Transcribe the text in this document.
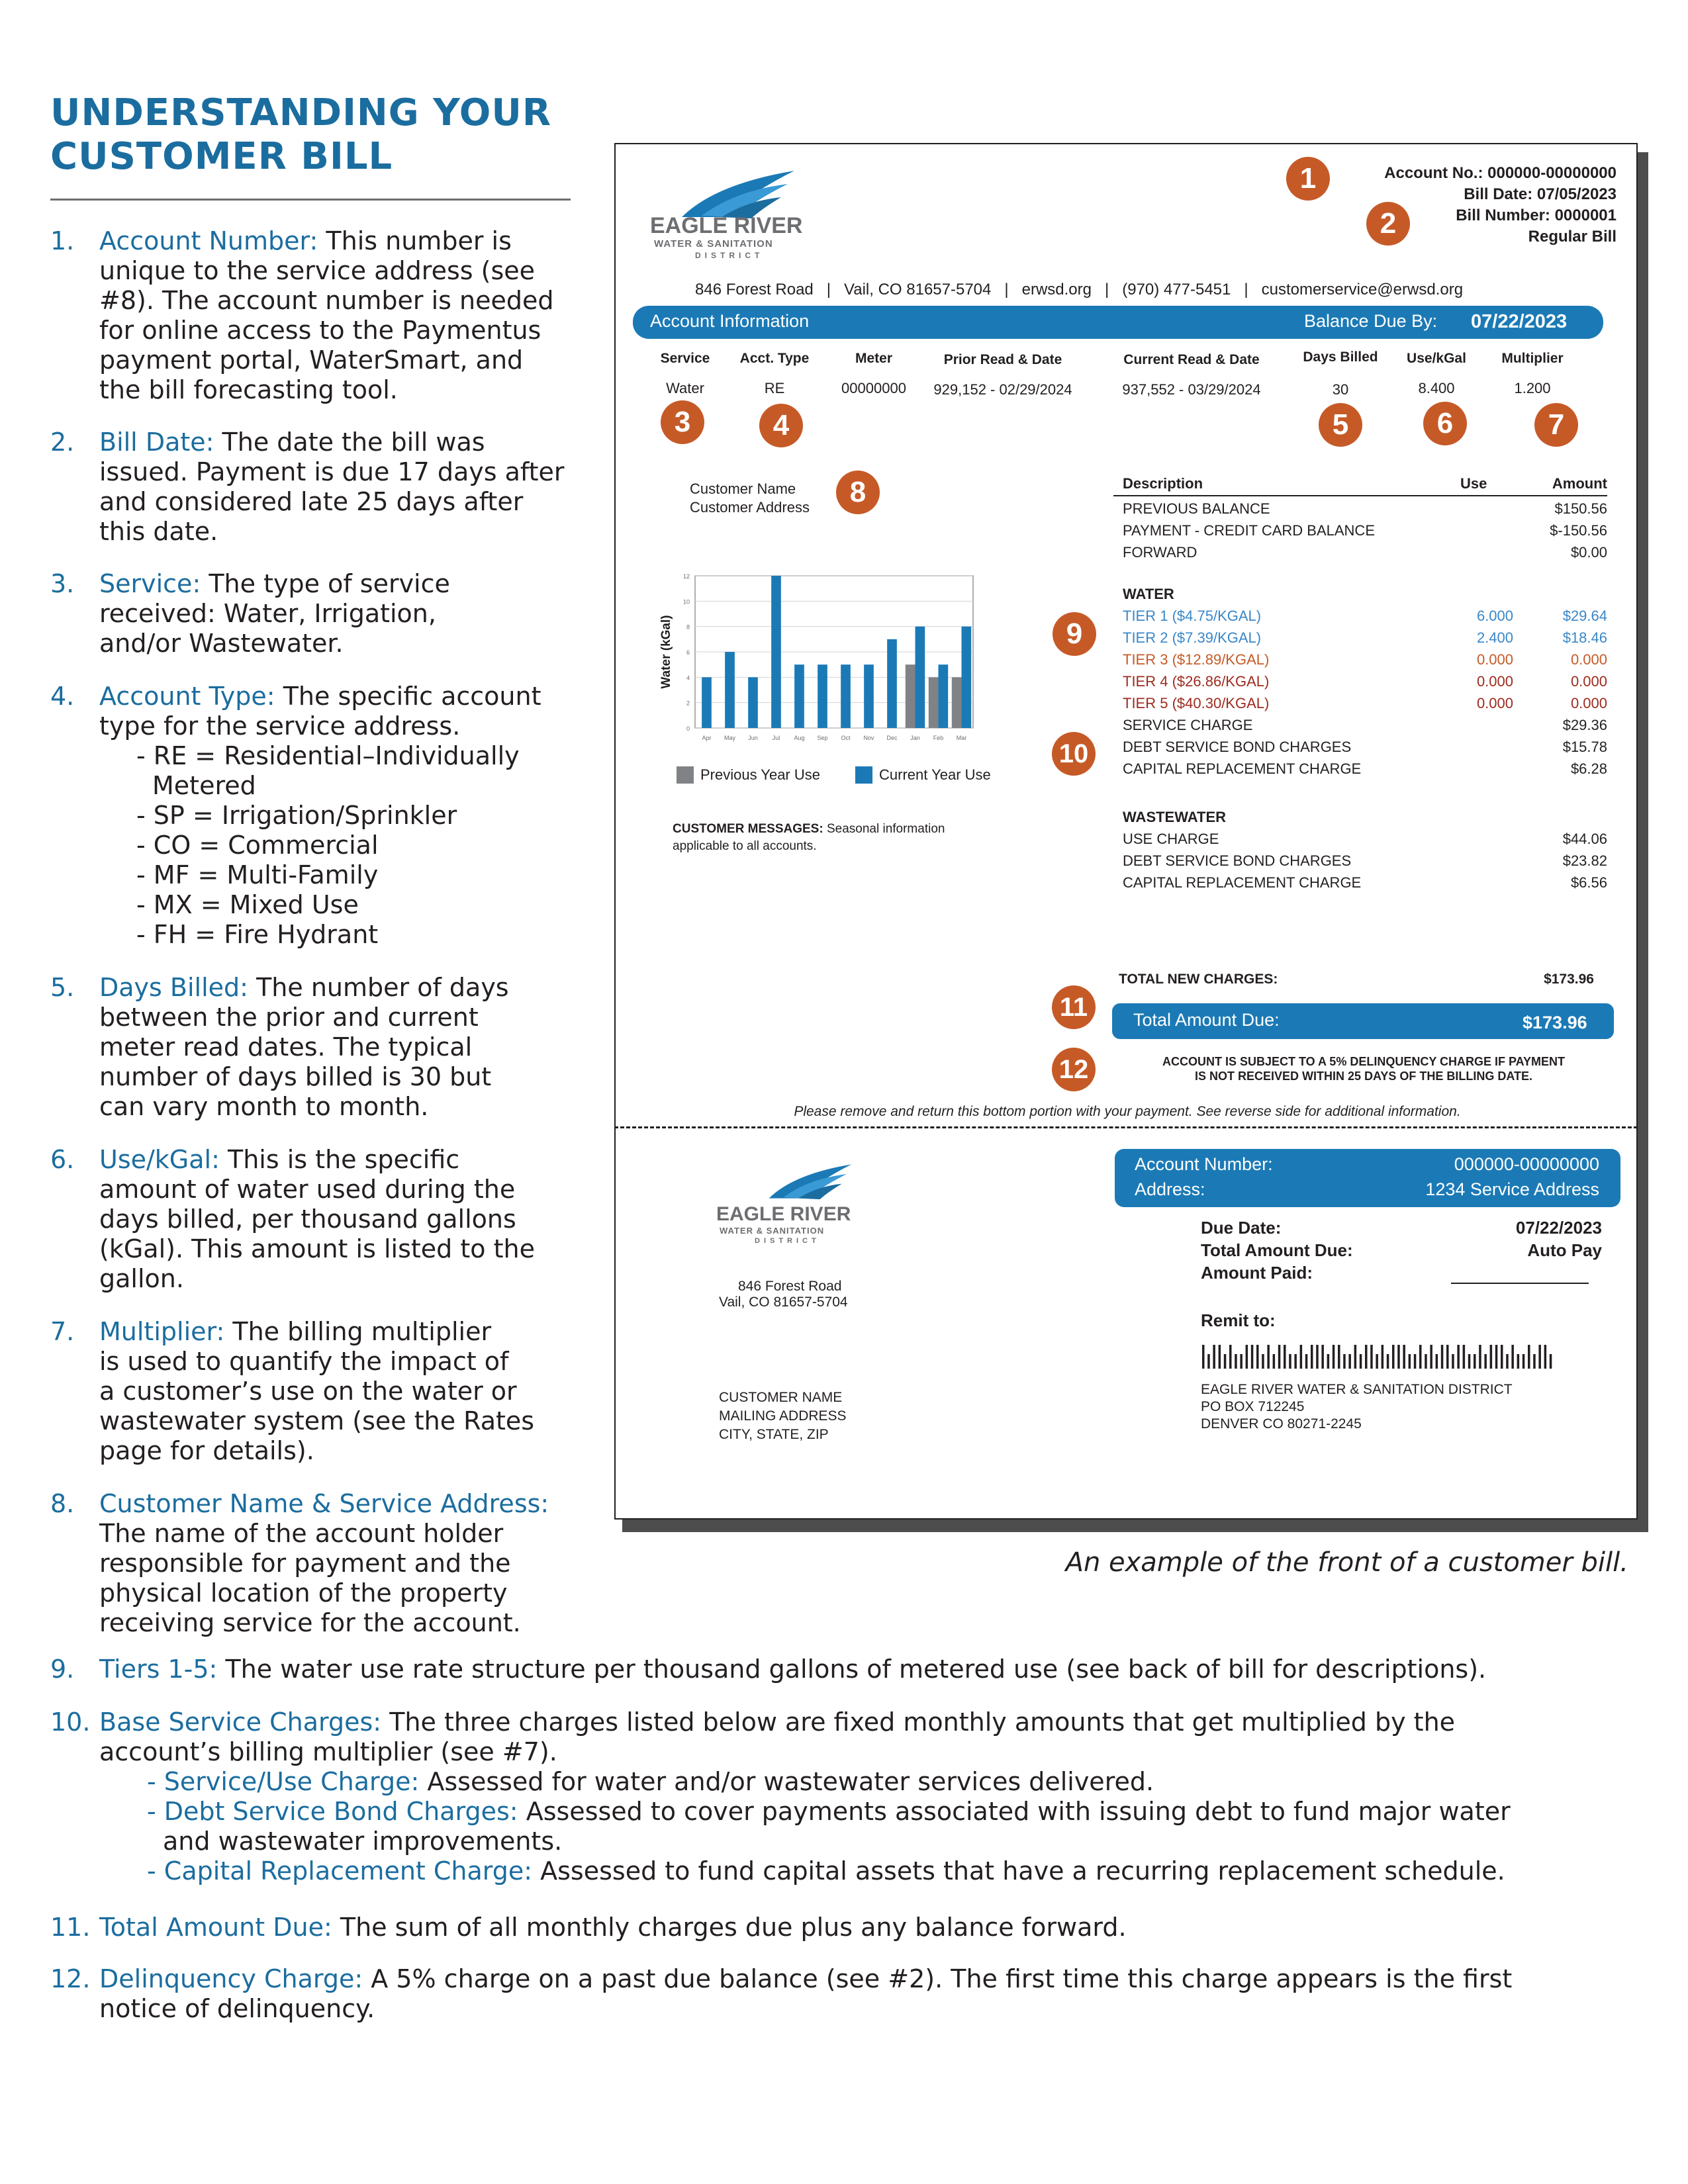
UNDERSTANDING YOUR
CUSTOMER BILL
1. Account Number: This number is
unique to the service address (see
#8). The account number is needed
for online access to the Paymentus
payment portal, WaterSmart, and
the bill forecasting tool.
2. Bill Date: The date the bill was
issued. Payment is due 17 days after
and considered late 25 days after
this date.
3. Service: The type of service
received: Water, Irrigation,
and/or Wastewater.
4. Account Type: The specific account
type for the service address.
- RE = Residential–Individually
Metered
- SP = Irrigation/Sprinkler
- CO = Commercial
- MF = Multi-Family
- MX = Mixed Use
- FH = Fire Hydrant
5. Days Billed: The number of days
between the prior and current
meter read dates. The typical
number of days billed is 30 but
can vary month to month.
6. Use/kGal: This is the specific
amount of water used during the
days billed, per thousand gallons
(kGal). This amount is listed to the
gallon.
7. Multiplier: The billing multiplier
is used to quantify the impact of
a customer’s use on the water or
wastewater system (see the Rates
page for details).
8. Customer Name & Service Address:
The name of the account holder
responsible for payment and the
physical location of the property
receiving service for the account.
9. Tiers 1-5: The water use rate structure per thousand gallons of metered use (see back of bill for descriptions).
10. Base Service Charges: The three charges listed below are fixed monthly amounts that get multiplied by the
account’s billing multiplier (see #7).
- Service/Use Charge: Assessed for water and/or wastewater services delivered.
- Debt Service Bond Charges: Assessed to cover payments associated with issuing debt to fund major water
and wastewater improvements.
- Capital Replacement Charge: Assessed to fund capital assets that have a recurring replacement schedule.
11. Total Amount Due: The sum of all monthly charges due plus any balance forward.
12. Delinquency Charge: A 5% charge on a past due balance (see #2). The first time this charge appears is the first
notice of delinquency.
EAGLE RIVER
WATER & SANITATION
DISTRICT
Account No.: 000000-00000000
Bill Date: 07/05/2023
Bill Number: 0000001
Regular Bill
846 Forest Road   |   Vail, CO 81657-5704   |   erwsd.org   |   (970) 477-5451   |   customerservice@erwsd.org
Account Information	Balance Due By: 07/22/2023
Service	Acct. Type	Meter	Prior Read & Date	Current Read & Date	Days Billed	Use/kGal	Multiplier
Water	RE	00000000	929,152 - 02/29/2024	937,552 - 03/29/2024	30	8.400	1.200
Customer Name
Customer Address
0
2
4
6
8
10
12
Water (kGal)
Apr May Jun Jul Aug Sep Oct Nov Dec Jan Feb Mar
Previous Year Use	Current Year Use
CUSTOMER MESSAGES: Seasonal information
applicable to all accounts.
Description	Use	Amount
PREVIOUS BALANCE	$150.56
PAYMENT - CREDIT CARD BALANCE	$-150.56
FORWARD	$0.00
WATER
TIER 1 ($4.75/KGAL)	6.000	$29.64
TIER 2 ($7.39/KGAL)	2.400	$18.46
TIER 3 ($12.89/KGAL)	0.000	0.000
TIER 4 ($26.86/KGAL)	0.000	0.000
TIER 5 ($40.30/KGAL)	0.000	0.000
SERVICE CHARGE	$29.36
DEBT SERVICE BOND CHARGES	$15.78
CAPITAL REPLACEMENT CHARGE	$6.28
WASTEWATER
USE CHARGE	$44.06
DEBT SERVICE BOND CHARGES	$23.82
CAPITAL REPLACEMENT CHARGE	$6.56
TOTAL NEW CHARGES:	$173.96
Total Amount Due:	$173.96
ACCOUNT IS SUBJECT TO A 5% DELINQUENCY CHARGE IF PAYMENT
IS NOT RECEIVED WITHIN 25 DAYS OF THE BILLING DATE.
Please remove and return this bottom portion with your payment. See reverse side for additional information.
EAGLE RIVER
WATER & SANITATION
DISTRICT
846 Forest Road
Vail, CO 81657-5704
CUSTOMER NAME
MAILING ADDRESS
CITY, STATE, ZIP
Account Number:	000000-00000000
Address:	1234 Service Address
Due Date:	07/22/2023
Total Amount Due:	Auto Pay
Amount Paid:
Remit to:
EAGLE RIVER WATER & SANITATION DISTRICT
PO BOX 712245
DENVER CO 80271-2245
1
2
3	4	5	6	7
8
9
10
11
12
An example of the front of a customer bill.
